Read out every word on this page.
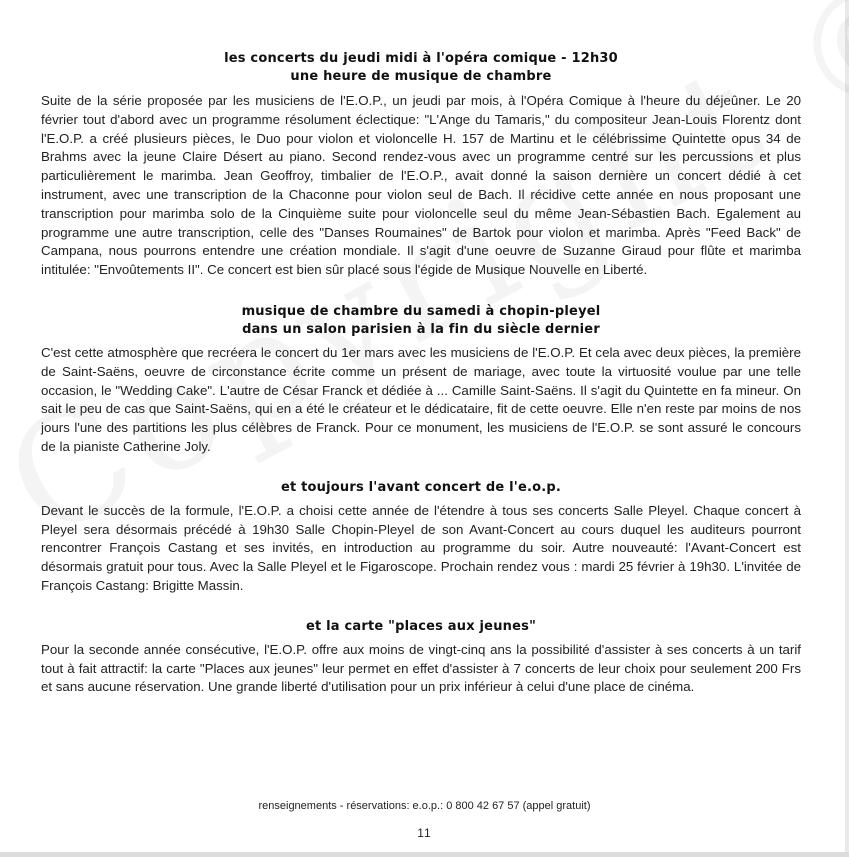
les concerts du jeudi midi à l'opéra comique - 12h30
une heure de musique de chambre

Suite de la série proposée par les musiciens de l'E.O.P., un jeudi par mois, à l'Opéra Comique à l'heure du déjeûner. Le 20 février tout d'abord avec un programme résolument éclectique: "L'Ange du Tamaris," du compositeur Jean-Louis Florentz dont l'E.O.P. a créé plusieurs pièces, le Duo pour violon et violoncelle H. 157 de Martinu et le célébrissime Quintette opus 34 de Brahms avec la jeune Claire Désert au piano. Second rendez-vous avec un programme centré sur les percussions et plus particulièrement le marimba. Jean Geoffroy, timbalier de l'E.O.P., avait donné la saison dernière un concert dédié à cet instrument, avec une transcription de la Chaconne pour violon seul de Bach. Il récidive cette année en nous proposant une transcription pour marimba solo de la Cinquième suite pour violoncelle seul du même Jean-Sébastien Bach. Egalement au programme une autre transcription, celle des "Danses Roumaines" de Bartok pour violon et marimba. Après "Feed Back" de Campana, nous pourrons entendre une création mondiale. Il s'agit d'une oeuvre de Suzanne Giraud pour flûte et marimba intitulée: "Envoûtements II". Ce concert est bien sûr placé sous l'égide de Musique Nouvelle en Liberté.

musique de chambre du samedi à chopin-pleyel
dans un salon parisien à la fin du siècle dernier

C'est cette atmosphère que recréera le concert du 1er mars avec les musiciens de l'E.O.P. Et cela avec deux pièces, la première de Saint-Saëns, oeuvre de circonstance écrite comme un présent de mariage, avec toute la virtuosité voulue par une telle occasion, le "Wedding Cake". L'autre de César Franck et dédiée à ... Camille Saint-Saëns. Il s'agit du Quintette en fa mineur. On sait le peu de cas que Saint-Saëns, qui en a été le créateur et le dédicataire, fit de cette oeuvre. Elle n'en reste par moins de nos jours l'une des partitions les plus célèbres de Franck. Pour ce monument, les musiciens de l'E.O.P. se sont assuré le concours de la pianiste Catherine Joly.

et toujours l'avant concert de l'e.o.p.

Devant le succès de la formule, l'E.O.P. a choisi cette année de l'étendre à tous ses concerts Salle Pleyel. Chaque concert à Pleyel sera désormais précédé à 19h30 Salle Chopin-Pleyel de son Avant-Concert au cours duquel les auditeurs pourront rencontrer François Castang et ses invités, en introduction au programme du soir. Autre nouveauté: l'Avant-Concert est désormais gratuit pour tous. Avec la Salle Pleyel et le Figaroscope. Prochain rendez vous : mardi 25 février à 19h30. L'invitée de François Castang: Brigitte Massin.

et la carte "places aux jeunes"

Pour la seconde année consécutive, l'E.O.P. offre aux moins de vingt-cinq ans la possibilité d'assister à ses concerts à un tarif tout à fait attractif: la carte "Places aux jeunes" leur permet en effet d'assister à 7 concerts de leur choix pour seulement 200 Frs et sans aucune réservation. Une grande liberté d'utilisation pour un prix inférieur à celui d'une place de cinéma.

renseignements - réservations: e.o.p.: 0 800 42 67 57 (appel gratuit)
11
